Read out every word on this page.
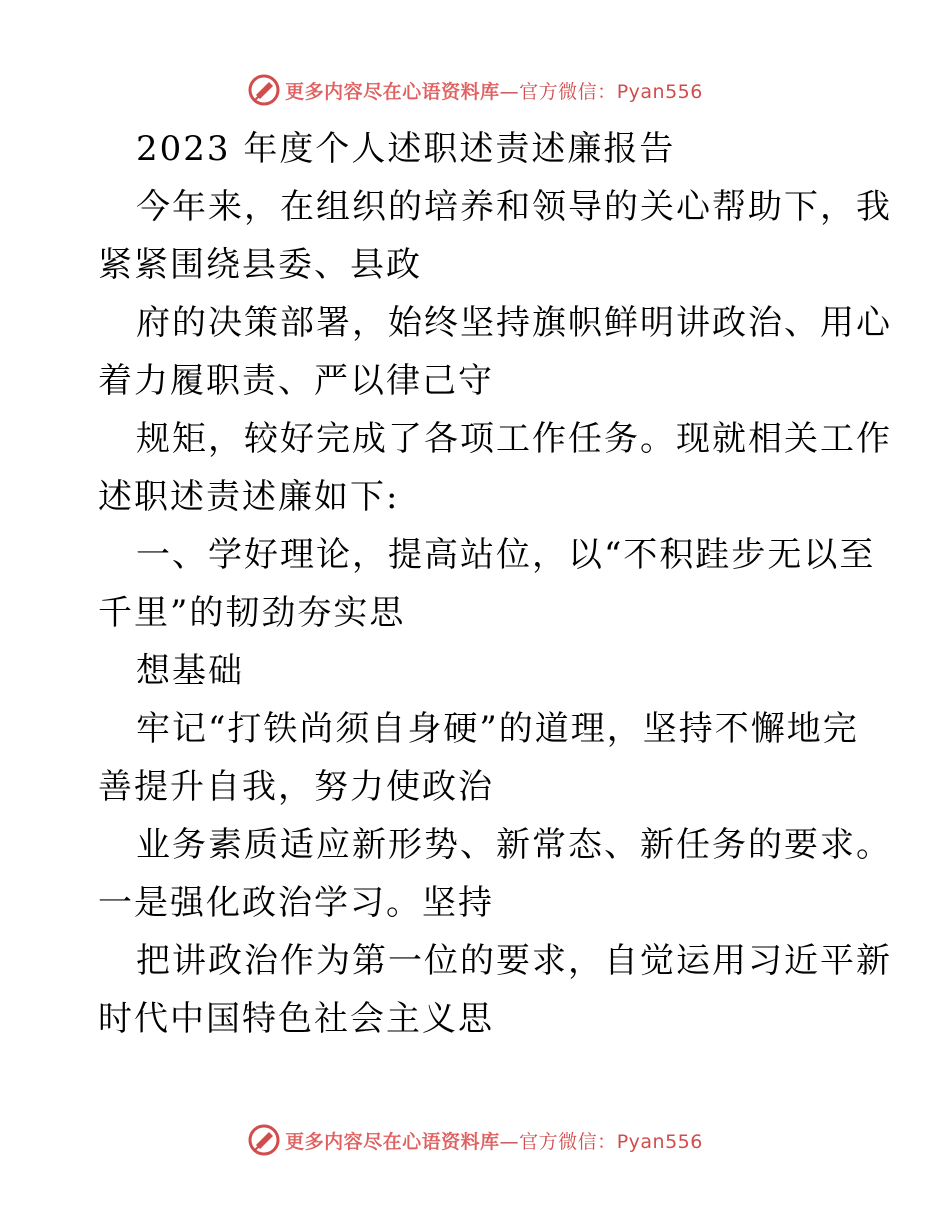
更多内容尽在心语资料库—官方微信：Pyan556
2023 年度个人述职述责述廉报告
今年来，在组织的培养和领导的关心帮助下，我
紧紧围绕县委、县政
府的决策部署，始终坚持旗帜鲜明讲政治、用心
着力履职责、严以律己守
规矩，较好完成了各项工作任务。现就相关工作
述职述责述廉如下:
一、学好理论，提高站位，以“不积跬步无以至
千里”的韧劲夯实思
想基础
牢记“打铁尚须自身硬”的道理，坚持不懈地完
善提升自我，努力使政治
业务素质适应新形势、新常态、新任务的要求。
一是强化政治学习。坚持
把讲政治作为第一位的要求，自觉运用习近平新
时代中国特色社会主义思
更多内容尽在心语资料库—官方微信：Pyan556
